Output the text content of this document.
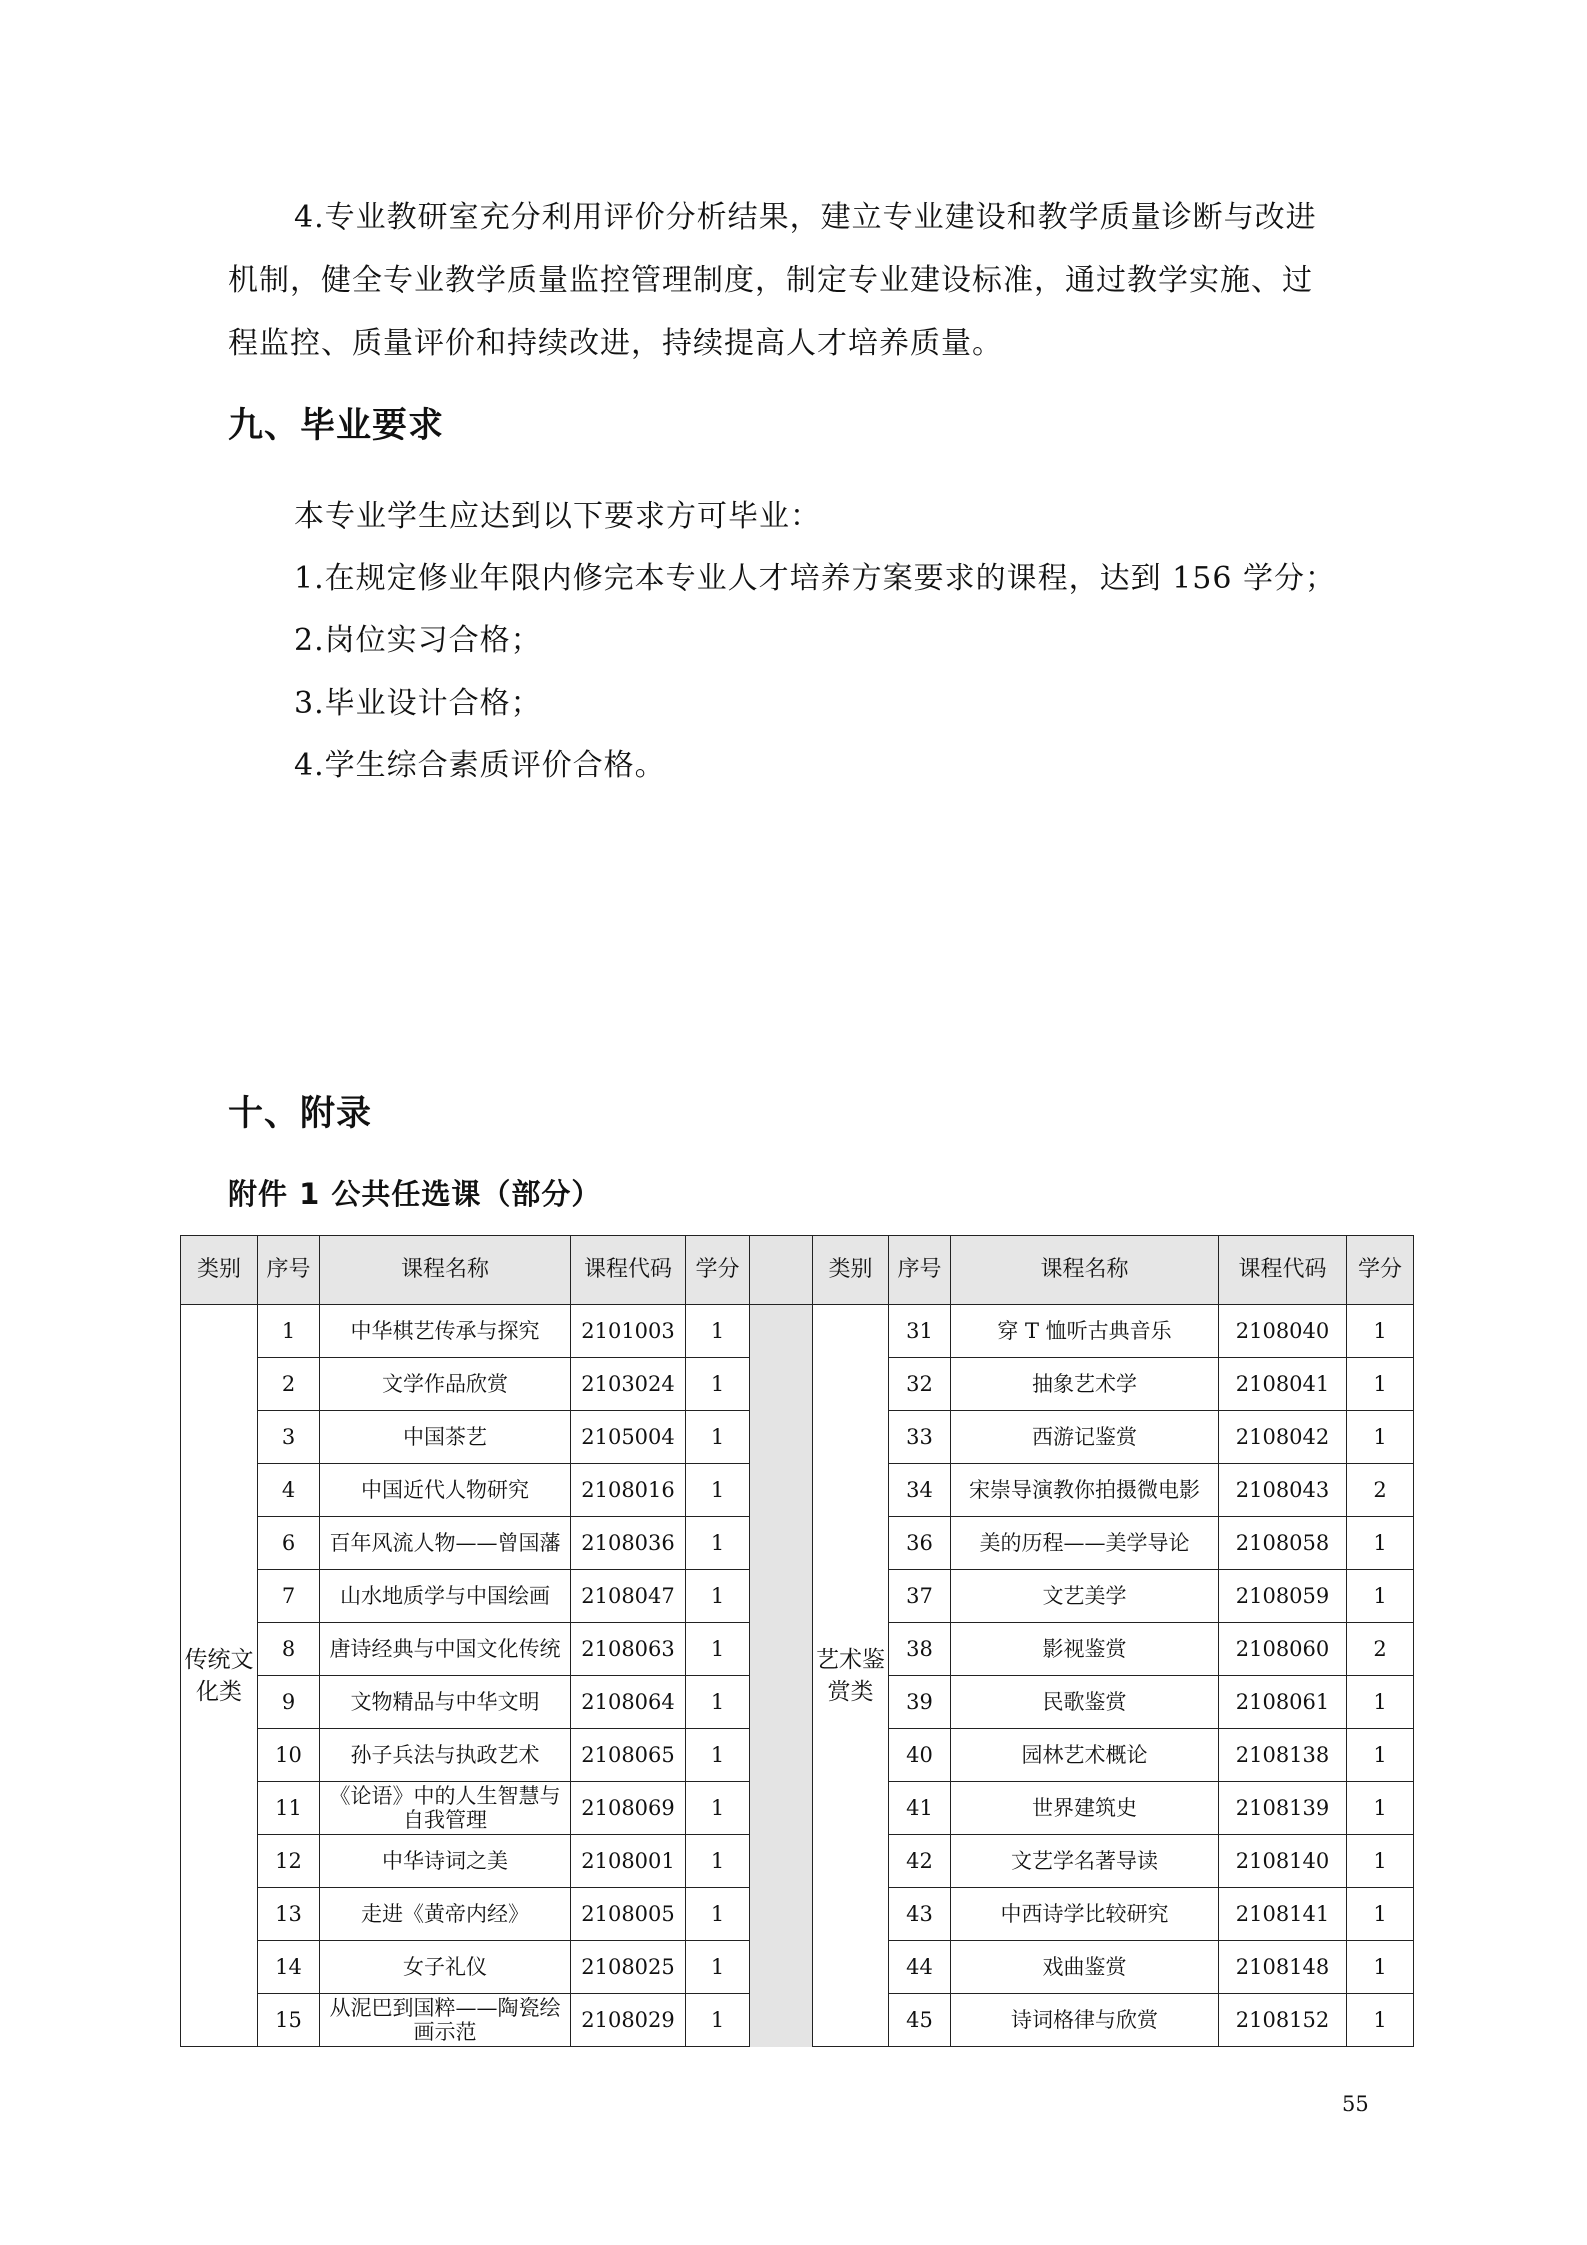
4.专业教研室充分利用评价分析结果，建立专业建设和教学质量诊断与改进

机制，健全专业教学质量监控管理制度，制定专业建设标准，通过教学实施、过

程监控、质量评价和持续改进，持续提高人才培养质量。

九、毕业要求

本专业学生应达到以下要求方可毕业：

1.在规定修业年限内修完本专业人才培养方案要求的课程，达到 156 学分；

2.岗位实习合格；

3.毕业设计合格；

4.学生综合素质评价合格。

十、附录
附件 1 公共任选课（部分）
类别	序号	课程名称	课程代码	学分		类别	序号	课程名称	课程代码	学分
传统文化类	1	中华棋艺传承与探究	2101003	1		艺术鉴赏类	31	穿 T 恤听古典音乐	2108040	1
	2	文学作品欣赏	2103024	1			32	抽象艺术学	2108041	1
	3	中国茶艺	2105004	1			33	西游记鉴赏	2108042	1
	4	中国近代人物研究	2108016	1			34	宋崇导演教你拍摄微电影	2108043	2
	6	百年风流人物——曾国藩	2108036	1			36	美的历程——美学导论	2108058	1
	7	山水地质学与中国绘画	2108047	1			37	文艺美学	2108059	1
	8	唐诗经典与中国文化传统	2108063	1			38	影视鉴赏	2108060	2
	9	文物精品与中华文明	2108064	1			39	民歌鉴赏	2108061	1
	10	孙子兵法与执政艺术	2108065	1			40	园林艺术概论	2108138	1
	11	《论语》中的人生智慧与自我管理	2108069	1			41	世界建筑史	2108139	1
	12	中华诗词之美	2108001	1			42	文艺学名著导读	2108140	1
	13	走进《黄帝内经》	2108005	1			43	中西诗学比较研究	2108141	1
	14	女子礼仪	2108025	1			44	戏曲鉴赏	2108148	1
	15	从泥巴到国粹——陶瓷绘画示范	2108029	1			45	诗词格律与欣赏	2108152	1

55
